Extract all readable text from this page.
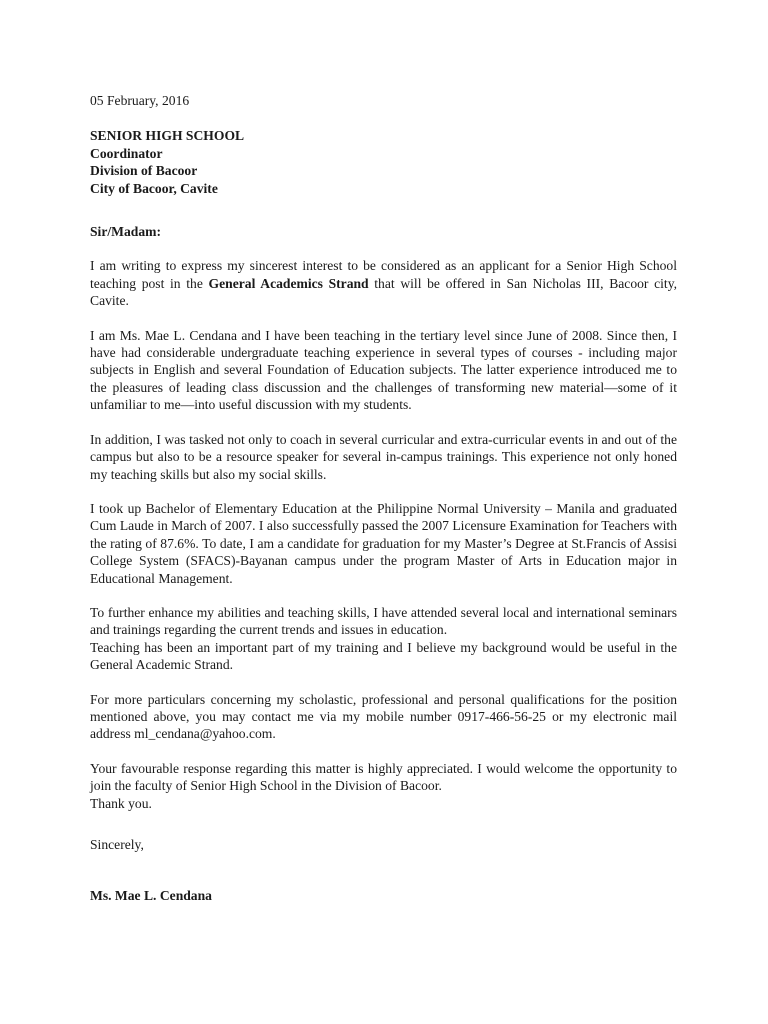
05 February, 2016
SENIOR HIGH SCHOOL
Coordinator
Division of Bacoor
City of Bacoor, Cavite
Sir/Madam:

I am writing to express my sincerest interest to be considered as an applicant for a Senior High School teaching post in the General Academics Strand that will be offered in San Nicholas III, Bacoor city, Cavite.

I am Ms. Mae L. Cendana and I have been teaching in the tertiary level since June of 2008. Since then, I have had considerable undergraduate teaching experience in several types of courses - including major subjects in English and several Foundation of Education subjects. The latter experience introduced me to the pleasures of leading class discussion and the challenges of transforming new material—some of it unfamiliar to me—into useful discussion with my students.

In addition, I was tasked not only to coach in several curricular and extra-curricular events in and out of the campus but also to be a resource speaker for several in-campus trainings. This experience not only honed my teaching skills but also my social skills.

I took up Bachelor of Elementary Education at the Philippine Normal University – Manila and graduated Cum Laude in March of 2007. I also successfully passed the 2007 Licensure Examination for Teachers with the rating of 87.6%. To date, I am a candidate for graduation for my Master’s Degree at St.Francis of Assisi College System (SFACS)-Bayanan campus under the program Master of Arts in Education major in Educational Management.

To further enhance my abilities and teaching skills, I have attended several local and international seminars and trainings regarding the current trends and issues in education.
Teaching has been an important part of my training and I believe my background would be useful in the General Academic Strand.

For more particulars concerning my scholastic, professional and personal qualifications for the position mentioned above, you may contact me via my mobile number 0917-466-56-25 or my electronic mail address ml_cendana@yahoo.com.

Your favourable response regarding this matter is highly appreciated. I would welcome the opportunity to join the faculty of Senior High School in the Division of Bacoor.
Thank you.

Sincerely,
Ms. Mae L. Cendana
